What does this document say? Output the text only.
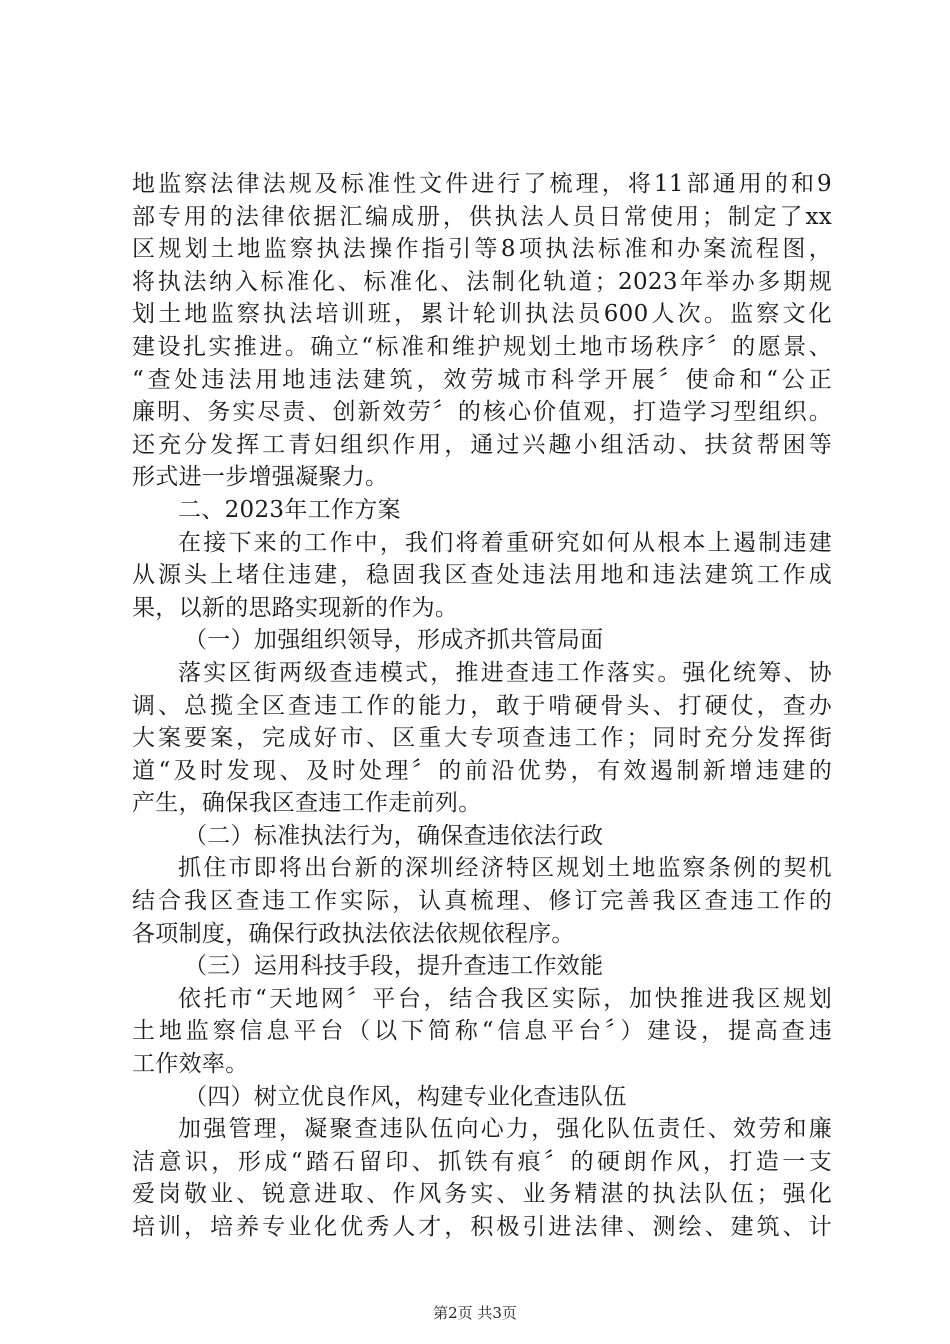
地监察法律法规及标准性文件进行了梳理，将11部通用的和9
部专用的法律依据汇编成册，供执法人员日常使用；制定了xx
区规划土地监察执法操作指引等8项执法标准和办案流程图，
将执法纳入标准化、标准化、法制化轨道；2023年举办多期规
划土地监察执法培训班，累计轮训执法员600人次。监察文化
建设扎实推进。确立“标准和维护规划土地市场秩序〞的愿景、
“查处违法用地违法建筑，效劳城市科学开展〞使命和“公正
廉明、务实尽责、创新效劳〞的核心价值观，打造学习型组织。
还充分发挥工青妇组织作用，通过兴趣小组活动、扶贫帮困等
形式进一步增强凝聚力。
二、2023年工作方案
在接下来的工作中，我们将着重研究如何从根本上遏制违建
从源头上堵住违建，稳固我区查处违法用地和违法建筑工作成
果，以新的思路实现新的作为。
（一）加强组织领导，形成齐抓共管局面
落实区街两级查违模式，推进查违工作落实。强化统筹、协
调、总揽全区查违工作的能力，敢于啃硬骨头、打硬仗，查办
大案要案，完成好市、区重大专项查违工作；同时充分发挥街
道“及时发现、及时处理〞的前沿优势，有效遏制新增违建的
产生，确保我区查违工作走前列。
（二）标准执法行为，确保查违依法行政
抓住市即将出台新的深圳经济特区规划土地监察条例的契机
结合我区查违工作实际，认真梳理、修订完善我区查违工作的
各项制度，确保行政执法依法依规依程序。
（三）运用科技手段，提升查违工作效能
依托市“天地网〞平台，结合我区实际，加快推进我区规划
土地监察信息平台（以下简称“信息平台〞）建设，提高查违
工作效率。
（四）树立优良作风，构建专业化查违队伍
加强管理，凝聚查违队伍向心力，强化队伍责任、效劳和廉
洁意识，形成“踏石留印、抓铁有痕〞的硬朗作风，打造一支
爱岗敬业、锐意进取、作风务实、业务精湛的执法队伍；强化
培训，培养专业化优秀人才，积极引进法律、测绘、建筑、计
第2页 共3页
